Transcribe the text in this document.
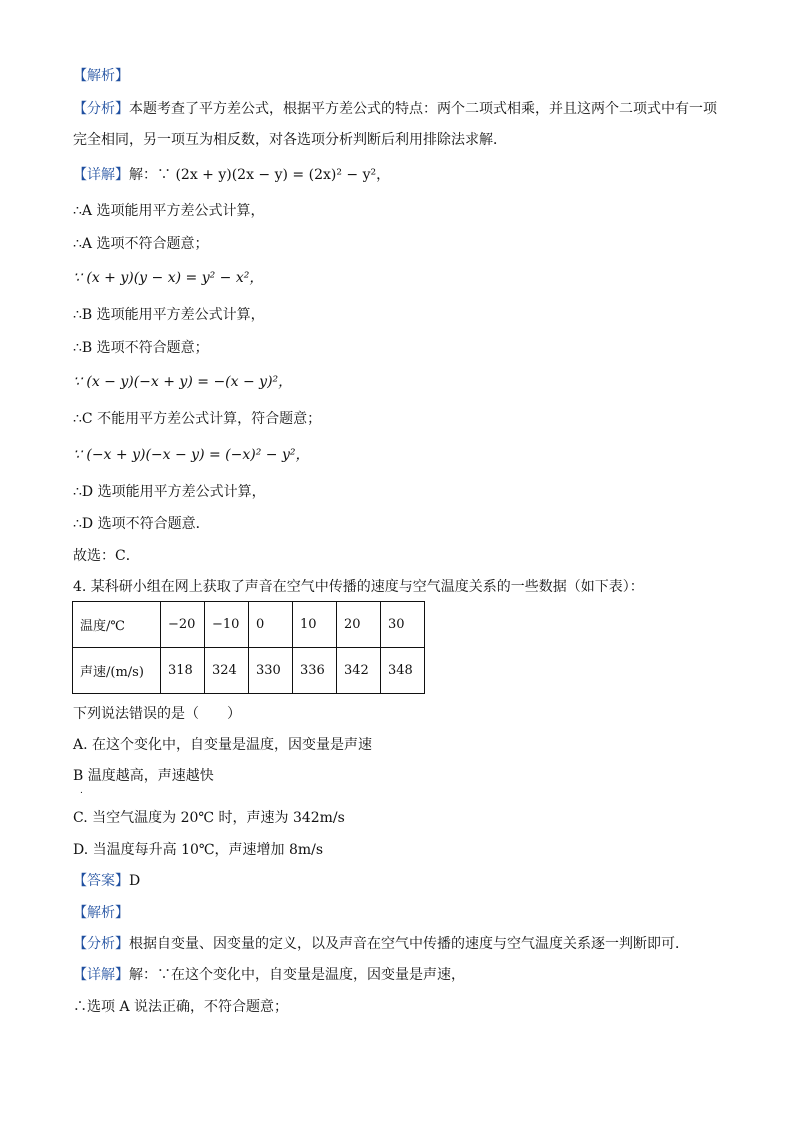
【解析】
【分析】本题考查了平方差公式，根据平方差公式的特点：两个二项式相乘，并且这两个二项式中有一项
完全相同，另一项互为相反数，对各选项分析判断后利用排除法求解．
【详解】解：∵ (2x + y)(2x − y) = (2x)² − y²，
∴A 选项能用平方差公式计算，
∴A 选项不符合题意；
∵ (x + y)(y − x) = y² − x²，
∴B 选项能用平方差公式计算，
∴B 选项不符合题意；
∵ (x − y)(−x + y) = −(x − y)²，
∴C 不能用平方差公式计算，符合题意；
∵ (−x + y)(−x − y) = (−x)² − y²，
∴D 选项能用平方差公式计算，
∴D 选项不符合题意．
故选：C．
4. 某科研小组在网上获取了声音在空气中传播的速度与空气温度关系的一些数据（如下表）：
温度/℃	−20	−10	0	10	20	30
声速/(m/s)	318	324	330	336	342	348
下列说法错误的是（　　）
A. 在这个变化中，自变量是温度，因变量是声速
B 温度越高，声速越快
.
C. 当空气温度为 20℃ 时，声速为 342m/s
D. 当温度每升高 10℃，声速增加 8m/s
【答案】D
【解析】
【分析】根据自变量、因变量的定义，以及声音在空气中传播的速度与空气温度关系逐一判断即可．
【详解】解：∵在这个变化中，自变量是温度，因变量是声速，
∴选项 A 说法正确，不符合题意；
